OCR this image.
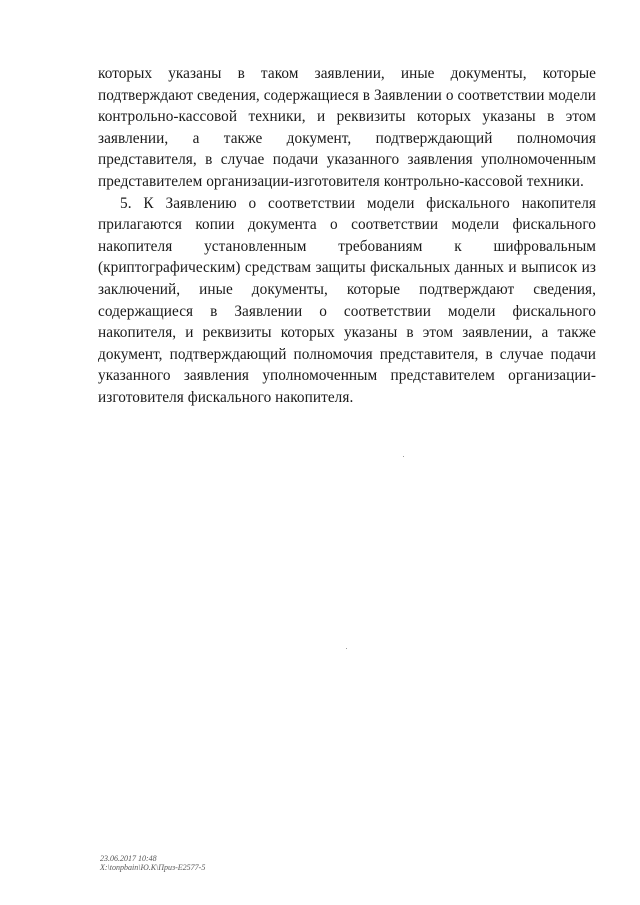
которых указаны в таком заявлении, иные документы, которые подтверждают сведения, содержащиеся в Заявлении о соответствии модели контрольно-кассовой техники, и реквизиты которых указаны в этом заявлении, а также документ, подтверждающий полномочия представителя, в случае подачи указанного заявления уполномоченным представителем организации-изготовителя контрольно-кассовой техники.

5. К Заявлению о соответствии модели фискального накопителя прилагаются копии документа о соответствии модели фискального накопителя установленным требованиям к шифровальным (криптографическим) средствам защиты фискальных данных и выписок из заключений, иные документы, которые подтверждают сведения, содержащиеся в Заявлении о соответствии модели фискального накопителя, и реквизиты которых указаны в этом заявлении, а также документ, подтверждающий полномочия представителя, в случае подачи указанного заявления уполномоченным представителем организации-изготовителя фискального накопителя.

23.06.2017 10:48
X:\tonpbain\Ю.К\Приз-Е2577-5
